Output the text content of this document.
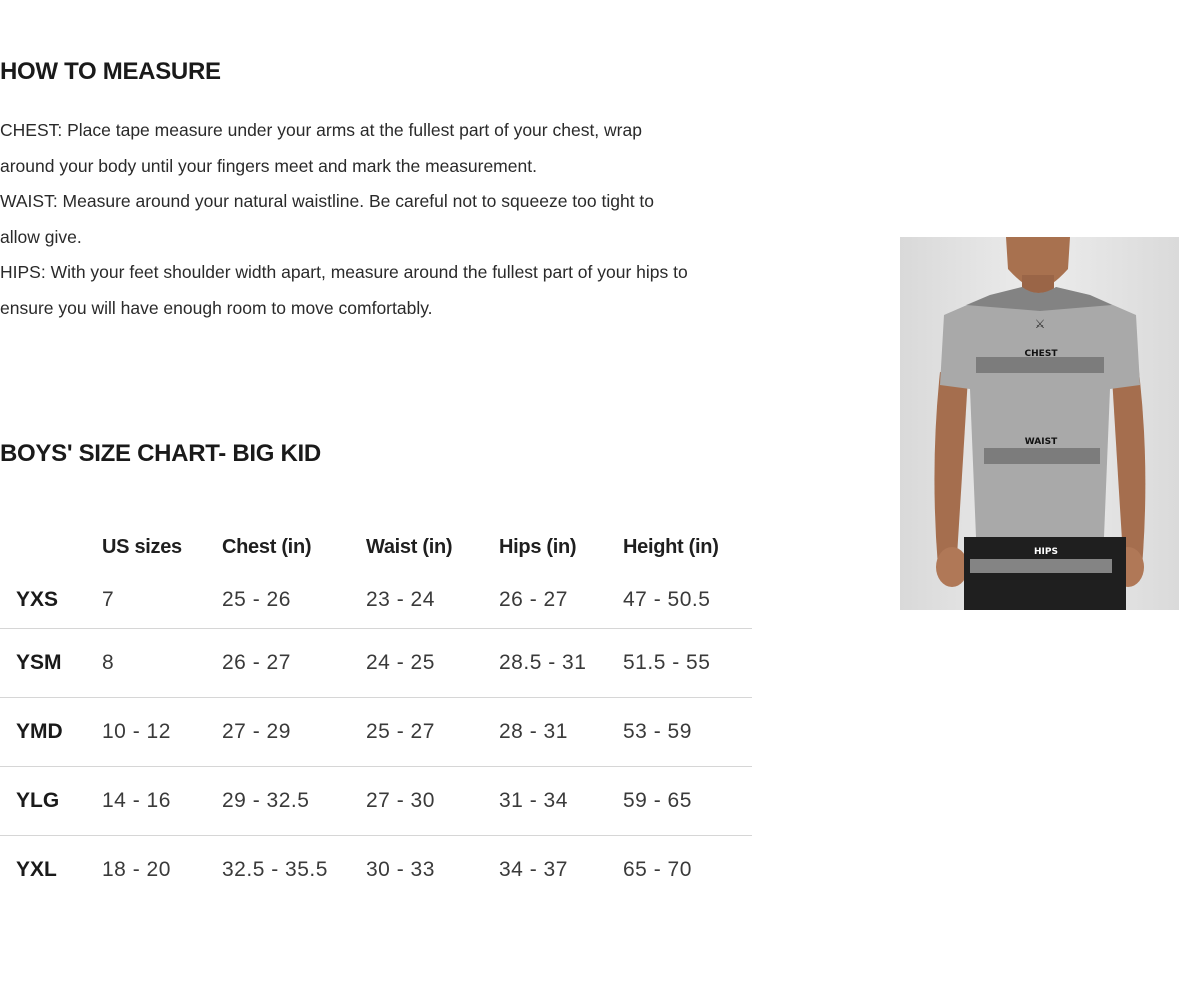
HOW TO MEASURE

CHEST: Place tape measure under your arms at the fullest part of your chest, wrap around your body until your fingers meet and mark the measurement.

WAIST: Measure around your natural waistline. Be careful not to squeeze too tight to allow give.

HIPS: With your feet shoulder width apart, measure around the fullest part of your hips to ensure you will have enough room to move comfortably.

BOYS' SIZE CHART- BIG KID
	US sizes	Chest (in)	Waist (in)	Hips (in)	Height (in)
YXS	7	25 - 26	23 - 24	26 - 27	47 - 50.5
YSM	8	26 - 27	24 - 25	28.5 - 31	51.5 - 55
YMD	10 - 12	27 - 29	25 - 27	28 - 31	53 - 59
YLG	14 - 16	29 - 32.5	27 - 30	31 - 34	59 - 65
YXL	18 - 20	32.5 - 35.5	30 - 33	34 - 37	65 - 70
⚔
CHEST
WAIST
HIPS
